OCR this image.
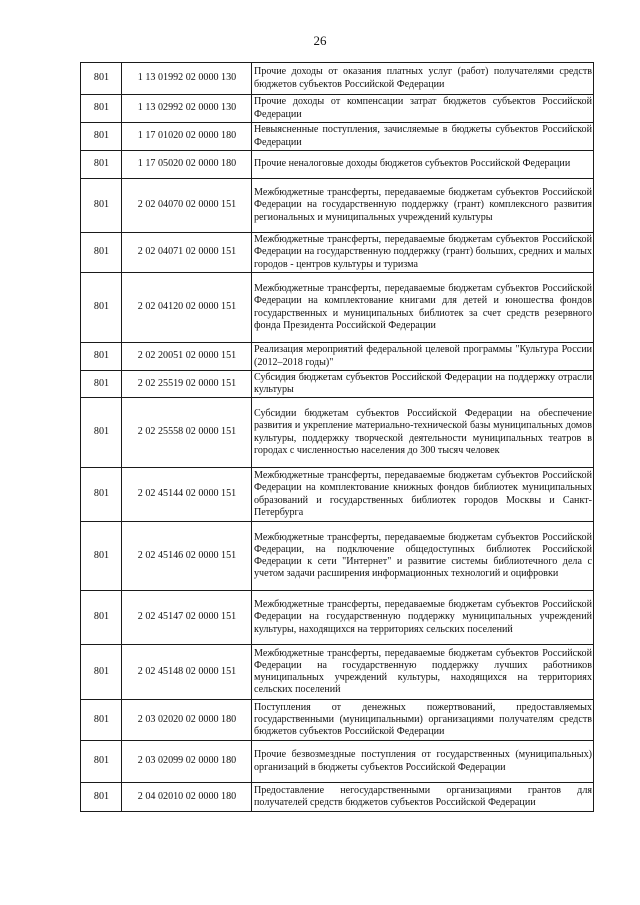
26
801	1 13 01992 02 0000 130	Прочие доходы от оказания платных услуг (работ) получателями средств бюджетов субъектов Российской Федерации
801	1 13 02992 02 0000 130	Прочие доходы от компенсации затрат бюджетов субъектов Российской Федерации
801	1 17 01020 02 0000 180	Невыясненные поступления, зачисляемые в бюджеты субъектов Российской Федерации
801	1 17 05020 02 0000 180	Прочие неналоговые доходы бюджетов субъектов Российской Федерации
801	2 02 04070 02 0000 151	Межбюджетные трансферты, передаваемые бюджетам субъектов Российской Федерации на государственную поддержку (грант) комплексного развития региональных и муниципальных учреждений культуры
801	2 02 04071 02 0000 151	Межбюджетные трансферты, передаваемые бюджетам субъектов Российской Федерации на государственную поддержку (грант) больших, средних и малых городов - центров культуры и туризма
801	2 02 04120 02 0000 151	Межбюджетные трансферты, передаваемые бюджетам субъектов Российской Федерации на комплектование книгами для детей и юношества фондов государственных и муниципальных библиотек за счет средств резервного фонда Президента Российской Федерации
801	2 02 20051 02 0000 151	Реализация мероприятий федеральной целевой программы "Культура России (2012–2018 годы)"
801	2 02 25519 02 0000 151	Субсидия бюджетам субъектов Российской Федерации на поддержку отрасли культуры
801	2 02 25558 02 0000 151	Субсидии бюджетам субъектов Российской Федерации на обеспечение развития и укрепление материально-технической базы муниципальных домов культуры, поддержку творческой деятельности муниципальных театров в городах с численностью населения до 300 тысяч человек
801	2 02 45144 02 0000 151	Межбюджетные трансферты, передаваемые бюджетам субъектов Российской Федерации на комплектование книжных фондов библиотек муниципальных образований и государственных библиотек городов Москвы и Санкт-Петербурга
801	2 02 45146 02 0000 151	Межбюджетные трансферты, передаваемые бюджетам субъектов Российской Федерации, на подключение общедоступных библиотек Российской Федерации к сети "Интернет" и развитие системы библиотечного дела с учетом задачи расширения информационных технологий и оцифровки
801	2 02 45147 02 0000 151	Межбюджетные трансферты, передаваемые бюджетам субъектов Российской Федерации на государственную поддержку муниципальных учреждений культуры, находящихся на территориях сельских поселений
801	2 02 45148 02 0000 151	Межбюджетные трансферты, передаваемые бюджетам субъектов Российской Федерации на государственную поддержку лучших работников муниципальных учреждений культуры, находящихся на территориях сельских поселений
801	2 03 02020 02 0000 180	Поступления от денежных пожертвований, предоставляемых государственными (муниципальными) организациями получателям средств бюджетов субъектов Российской Федерации
801	2 03 02099 02 0000 180	Прочие безвозмездные поступления от государственных (муниципальных) организаций в бюджеты субъектов Российской Федерации
801	2 04 02010 02 0000 180	Предоставление негосударственными организациями грантов для получателей средств бюджетов субъектов Российской Федерации
